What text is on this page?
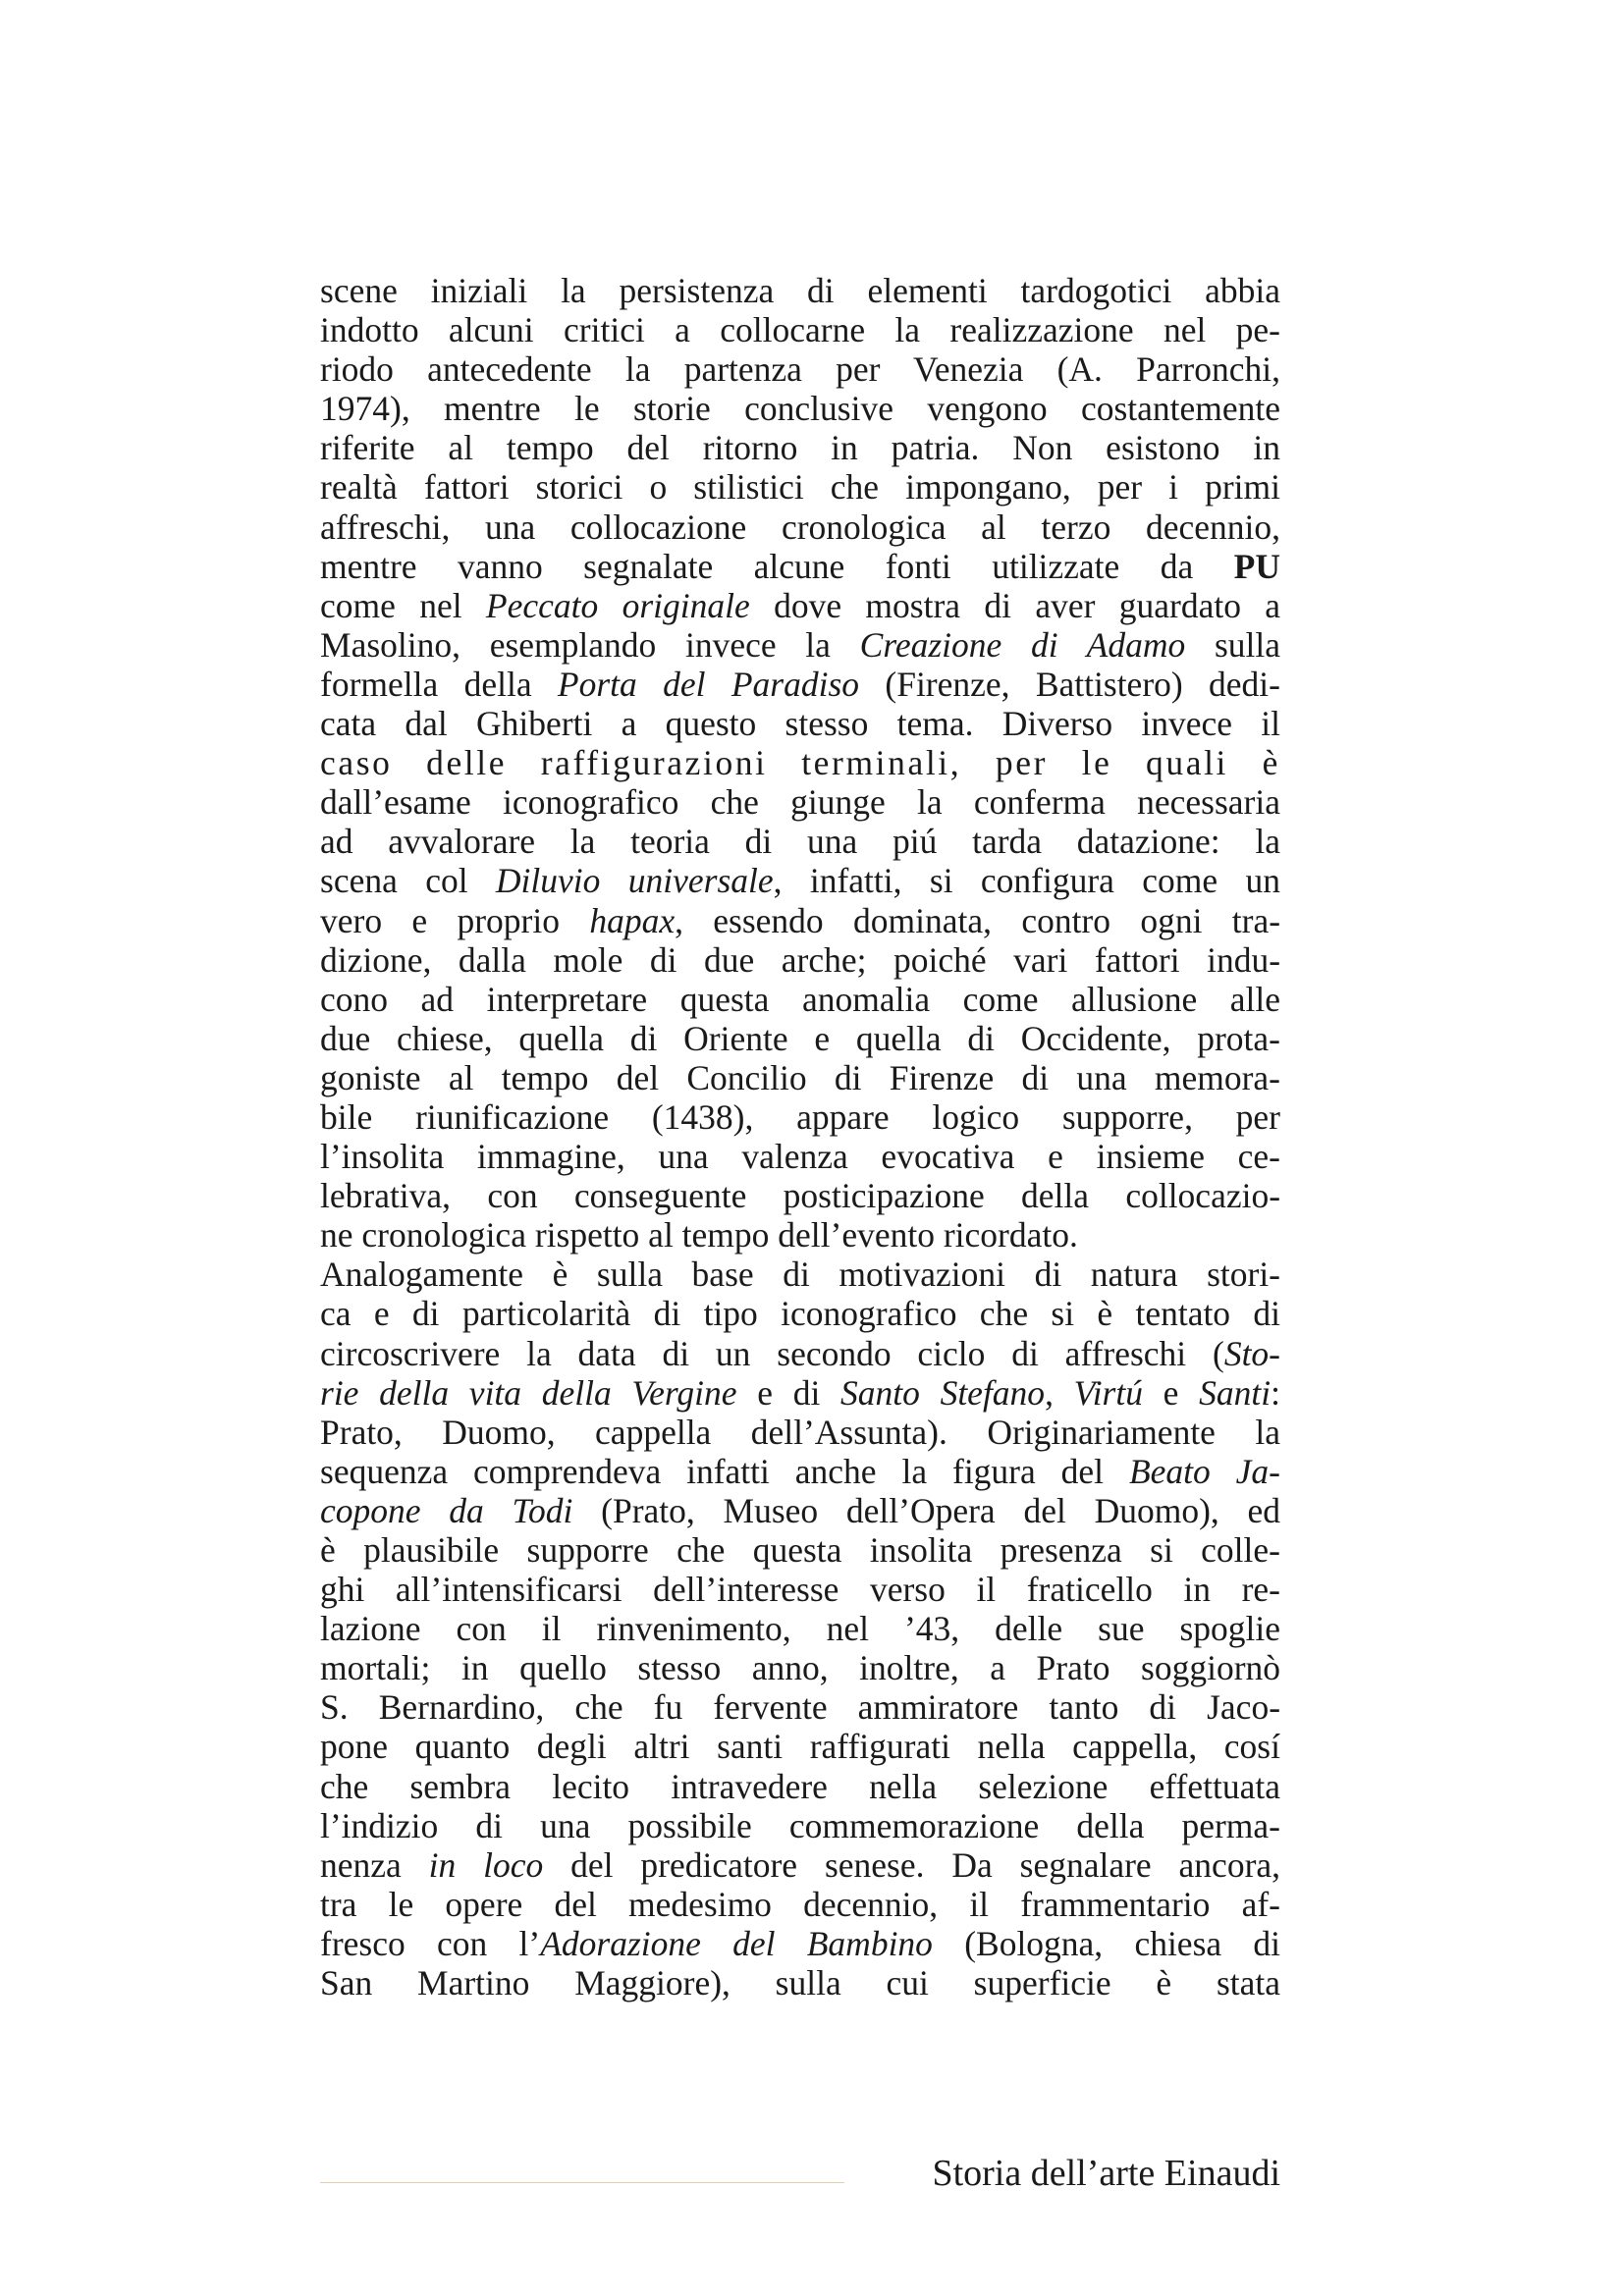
scene iniziali la persistenza di elementi tardogotici abbia
indotto alcuni critici a collocarne la realizzazione nel pe-
riodo antecedente la partenza per Venezia (A. Parronchi,
1974), mentre le storie conclusive vengono costantemente
riferite al tempo del ritorno in patria. Non esistono in
realtà fattori storici o stilistici che impongano, per i primi
affreschi, una collocazione cronologica al terzo decennio,
mentre vanno segnalate alcune fonti utilizzate da PU
come nel Peccato originale dove mostra di aver guardato a
Masolino, esemplando invece la Creazione di Adamo sulla
formella della Porta del Paradiso (Firenze, Battistero) dedi-
cata dal Ghiberti a questo stesso tema. Diverso invece il
caso delle raffigurazioni terminali, per le quali è
dall’esame iconografico che giunge la conferma necessaria
ad avvalorare la teoria di una piú tarda datazione: la
scena col Diluvio universale, infatti, si configura come un
vero e proprio hapax, essendo dominata, contro ogni tra-
dizione, dalla mole di due arche; poiché vari fattori indu-
cono ad interpretare questa anomalia come allusione alle
due chiese, quella di Oriente e quella di Occidente, prota-
goniste al tempo del Concilio di Firenze di una memora-
bile riunificazione (1438), appare logico supporre, per
l’insolita immagine, una valenza evocativa e insieme ce-
lebrativa, con conseguente posticipazione della collocazio-
ne cronologica rispetto al tempo dell’evento ricordato.

Analogamente è sulla base di motivazioni di natura stori-
ca e di particolarità di tipo iconografico che si è tentato di
circoscrivere la data di un secondo ciclo di affreschi (Sto-
rie della vita della Vergine e di Santo Stefano, Virtú e Santi:
Prato, Duomo, cappella dell’Assunta). Originariamente la
sequenza comprendeva infatti anche la figura del Beato Ja-
copone da Todi (Prato, Museo dell’Opera del Duomo), ed
è plausibile supporre che questa insolita presenza si colle-
ghi all’intensificarsi dell’interesse verso il fraticello in re-
lazione con il rinvenimento, nel ’43, delle sue spoglie
mortali; in quello stesso anno, inoltre, a Prato soggiornò
S. Bernardino, che fu fervente ammiratore tanto di Jaco-
pone quanto degli altri santi raffigurati nella cappella, cosí
che sembra lecito intravedere nella selezione effettuata
l’indizio di una possibile commemorazione della perma-
nenza in loco del predicatore senese. Da segnalare ancora,
tra le opere del medesimo decennio, il frammentario af-
fresco con l’Adorazione del Bambino (Bologna, chiesa di
San Martino Maggiore), sulla cui superficie è stata

Storia dell’arte Einaudi
